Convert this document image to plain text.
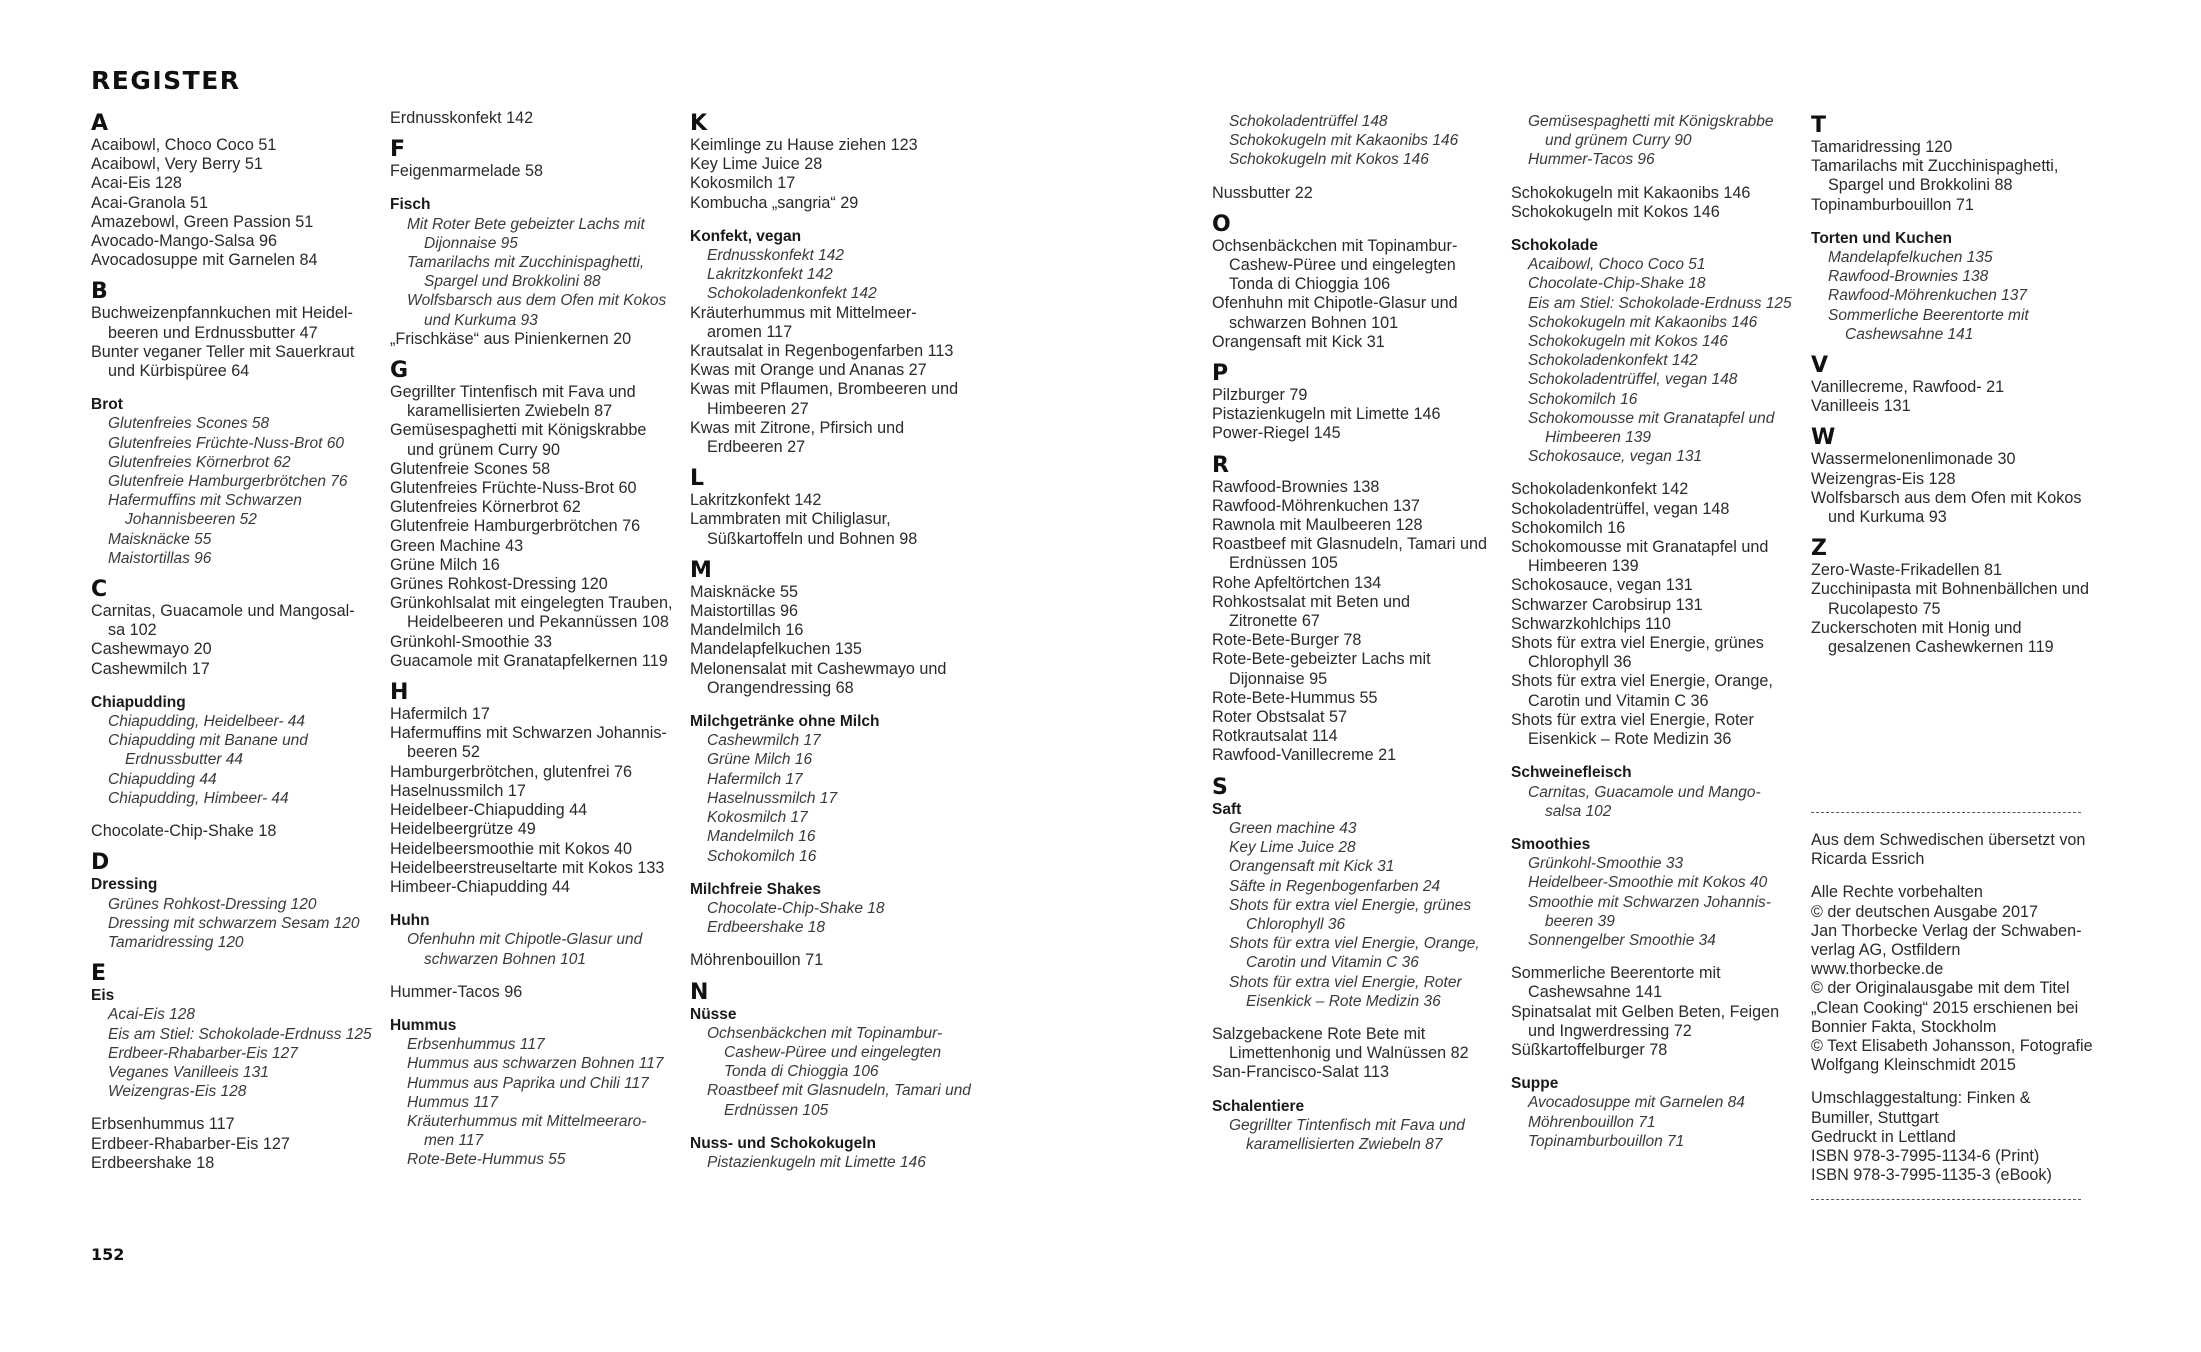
REGISTER
A
Acaibowl, Choco Coco 51
Acaibowl, Very Berry 51
Acai-Eis 128
Acai-Granola 51
Amazebowl, Green Passion 51
Avocado-Mango-Salsa 96
Avocadosuppe mit Garnelen 84
B
Buchweizenpfannkuchen mit Heidel-
beeren und Erdnussbutter 47
Bunter veganer Teller mit Sauerkraut
und Kürbispüree 64
Brot
Glutenfreies Scones 58
Glutenfreies Früchte-Nuss-Brot 60
Glutenfreies Körnerbrot 62
Glutenfreie Hamburgerbrötchen 76
Hafermuffins mit Schwarzen
Johannisbeeren 52
Maisknäcke 55
Maistortillas 96
C
Carnitas, Guacamole und Mangosal-
sa 102
Cashewmayo 20
Cashewmilch 17
Chiapudding
Chiapudding, Heidelbeer- 44
Chiapudding mit Banane und
Erdnussbutter 44
Chiapudding 44
Chiapudding, Himbeer- 44
Chocolate-Chip-Shake 18
D
Dressing
Grünes Rohkost-Dressing 120
Dressing mit schwarzem Sesam 120
Tamaridressing 120
E
Eis
Acai-Eis 128
Eis am Stiel: Schokolade-Erdnuss 125
Erdbeer-Rhabarber-Eis 127
Veganes Vanilleeis 131
Weizengras-Eis 128
Erbsenhummus 117
Erdbeer-Rhabarber-Eis 127
Erdbeershake 18
Erdnusskonfekt 142
F
Feigenmarmelade 58
Fisch
Mit Roter Bete gebeizter Lachs mit
Dijonnaise 95
Tamarilachs mit Zucchinispaghetti,
Spargel und Brokkolini 88
Wolfsbarsch aus dem Ofen mit Kokos
und Kurkuma 93
„Frischkäse“ aus Pinienkernen 20
G
Gegrillter Tintenfisch mit Fava und
karamellisierten Zwiebeln 87
Gemüsespaghetti mit Königskrabbe
und grünem Curry 90
Glutenfreie Scones 58
Glutenfreies Früchte-Nuss-Brot 60
Glutenfreies Körnerbrot 62
Glutenfreie Hamburgerbrötchen 76
Green Machine 43
Grüne Milch 16
Grünes Rohkost-Dressing 120
Grünkohlsalat mit eingelegten Trauben,
Heidelbeeren und Pekannüssen 108
Grünkohl-Smoothie 33
Guacamole mit Granatapfelkernen 119
H
Hafermilch 17
Hafermuffins mit Schwarzen Johannis-
beeren 52
Hamburgerbrötchen, glutenfrei 76
Haselnussmilch 17
Heidelbeer-Chiapudding 44
Heidelbeergrütze 49
Heidelbeersmoothie mit Kokos 40
Heidelbeerstreuseltarte mit Kokos 133
Himbeer-Chiapudding 44
Huhn
Ofenhuhn mit Chipotle-Glasur und
schwarzen Bohnen 101
Hummer-Tacos 96
Hummus
Erbsenhummus 117
Hummus aus schwarzen Bohnen 117
Hummus aus Paprika und Chili 117
Hummus 117
Kräuterhummus mit Mittelmeerarо-
men 117
Rote-Bete-Hummus 55
K
Keimlinge zu Hause ziehen 123
Key Lime Juice 28
Kokosmilch 17
Kombucha „sangria“ 29
Konfekt, vegan
Erdnusskonfekt 142
Lakritzkonfekt 142
Schokoladenkonfekt 142
Kräuterhummus mit Mittelmeer-
aromen 117
Krautsalat in Regenbogenfarben 113
Kwas mit Orange und Ananas 27
Kwas mit Pflaumen, Brombeeren und
Himbeeren 27
Kwas mit Zitrone, Pfirsich und
Erdbeeren 27
L
Lakritzkonfekt 142
Lammbraten mit Chiliglasur,
Süßkartoffeln und Bohnen 98
M
Maisknäcke 55
Maistortillas 96
Mandelmilch 16
Mandelapfelkuchen 135
Melonensalat mit Cashewmayo und
Orangendressing 68
Milchgetränke ohne Milch
Cashewmilch 17
Grüne Milch 16
Hafermilch 17
Haselnussmilch 17
Kokosmilch 17
Mandelmilch 16
Schokomilch 16
Milchfreie Shakes
Chocolate-Chip-Shake 18
Erdbeershake 18
Möhrenbouillon 71
N
Nüsse
Ochsenbäckchen mit Topinambur-
Cashew-Püree und eingelegten
Tonda di Chioggia 106
Roastbeef mit Glasnudeln, Tamari und
Erdnüssen 105
Nuss- und Schokokugeln
Pistazienkugeln mit Limette 146
Schokoladentrüffel 148
Schokokugeln mit Kakaonibs 146
Schokokugeln mit Kokos 146
Nussbutter 22
O
Ochsenbäckchen mit Topinambur-
Cashew-Püree und eingelegten
Tonda di Chioggia 106
Ofenhuhn mit Chipotle-Glasur und
schwarzen Bohnen 101
Orangensaft mit Kick 31
P
Pilzburger 79
Pistazienkugeln mit Limette 146
Power-Riegel 145
R
Rawfood-Brownies 138
Rawfood-Möhrenkuchen 137
Rawnola mit Maulbeeren 128
Roastbeef mit Glasnudeln, Tamari und
Erdnüssen 105
Rohe Apfeltörtchen 134
Rohkostsalat mit Beten und
Zitronette 67
Rote-Bete-Burger 78
Rote-Bete-gebeizter Lachs mit
Dijonnaise 95
Rote-Bete-Hummus 55
Roter Obstsalat 57
Rotkrautsalat 114
Rawfood-Vanillecreme 21
S
Saft
Green machine 43
Key Lime Juice 28
Orangensaft mit Kick 31
Säfte in Regenbogenfarben 24
Shots für extra viel Energie, grünes
Chlorophyll 36
Shots für extra viel Energie, Orange,
Carotin und Vitamin C 36
Shots für extra viel Energie, Roter
Eisenkick – Rote Medizin 36
Salzgebackene Rote Bete mit
Limettenhonig und Walnüssen 82
San-Francisco-Salat 113
Schalentiere
Gegrillter Tintenfisch mit Fava und
karamellisierten Zwiebeln 87
Gemüsespaghetti mit Königskrabbe
und grünem Curry 90
Hummer-Tacos 96
Schokokugeln mit Kakaonibs 146
Schokokugeln mit Kokos 146
Schokolade
Acaibowl, Choco Coco 51
Chocolate-Chip-Shake 18
Eis am Stiel: Schokolade-Erdnuss 125
Schokokugeln mit Kakaonibs 146
Schokokugeln mit Kokos 146
Schokoladenkonfekt 142
Schokoladentrüffel, vegan 148
Schokomilch 16
Schokomousse mit Granatapfel und
Himbeeren 139
Schokosauce, vegan 131
Schokoladenkonfekt 142
Schokoladentrüffel, vegan 148
Schokomilch 16
Schokomousse mit Granatapfel und
Himbeeren 139
Schokosauce, vegan 131
Schwarzer Carobsirup 131
Schwarzkohlchips 110
Shots für extra viel Energie, grünes
Chlorophyll 36
Shots für extra viel Energie, Orange,
Carotin und Vitamin C 36
Shots für extra viel Energie, Roter
Eisenkick – Rote Medizin 36
Schweinefleisch
Carnitas, Guacamole und Mango-
salsa 102
Smoothies
Grünkohl-Smoothie 33
Heidelbeer-Smoothie mit Kokos 40
Smoothie mit Schwarzen Johannis-
beeren 39
Sonnengelber Smoothie 34
Sommerliche Beerentorte mit
Cashewsahne 141
Spinatsalat mit Gelben Beten, Feigen
und Ingwerdressing 72
Süßkartoffelburger 78
Suppe
Avocadosuppe mit Garnelen 84
Möhrenbouillon 71
Topinamburbouillon 71
T
Tamaridressing 120
Tamarilachs mit Zucchinispaghetti,
Spargel und Brokkolini 88
Topinamburbouillon 71
Torten und Kuchen
Mandelapfelkuchen 135
Rawfood-Brownies 138
Rawfood-Möhrenkuchen 137
Sommerliche Beerentorte mit
Cashewsahne 141
V
Vanillecreme, Rawfood- 21
Vanilleeis 131
W
Wassermelonenlimonade 30
Weizengras-Eis 128
Wolfsbarsch aus dem Ofen mit Kokos
und Kurkuma 93
Z
Zero-Waste-Frikadellen 81
Zucchinipasta mit Bohnenbällchen und
Rucolapesto 75
Zuckerschoten mit Honig und
gesalzenen Cashewkernen 119
Aus dem Schwedischen übersetzt von
Ricarda Essrich
Alle Rechte vorbehalten
© der deutschen Ausgabe 2017
Jan Thorbecke Verlag der Schwaben-
verlag AG, Ostfildern
www.thorbecke.de
© der Originalausgabe mit dem Titel
„Clean Cooking“ 2015 erschienen bei
Bonnier Fakta, Stockholm
© Text Elisabeth Johansson, Fotografie
Wolfgang Kleinschmidt 2015
Umschlaggestaltung: Finken &
Bumiller, Stuttgart
Gedruckt in Lettland
ISBN 978-3-7995-1134-6 (Print)
ISBN 978-3-7995-1135-3 (eBook)
152
